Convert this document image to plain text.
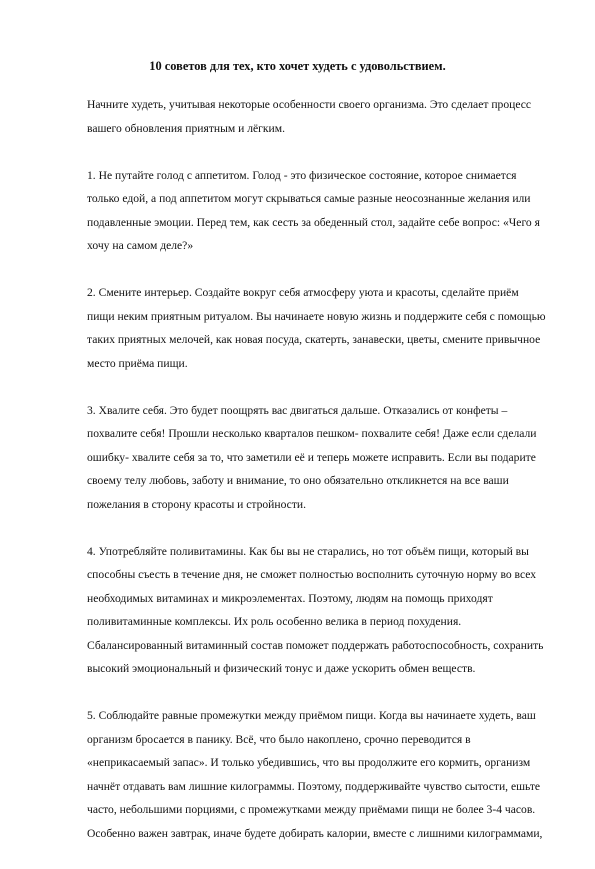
10 советов для тех, кто хочет худеть с удовольствием.
Начните худеть, учитывая некоторые особенности своего организма. Это сделает процесс
вашего обновления приятным и лёгким.
1. Не путайте голод с аппетитом. Голод - это физическое состояние, которое снимается
только едой, а под аппетитом могут скрываться самые разные неосознанные желания или
подавленные эмоции. Перед тем, как сесть за обеденный стол, задайте себе вопрос: «Чего я
хочу на самом деле?»
2. Смените интерьер. Создайте вокруг себя атмосферу уюта и красоты, сделайте приём
пищи неким приятным ритуалом. Вы начинаете новую жизнь и поддержите себя с помощью
таких приятных мелочей, как новая посуда, скатерть, занавески, цветы, смените привычное
место приёма пищи.
3. Хвалите себя. Это будет поощрять вас двигаться дальше. Отказались от конфеты –
похвалите себя! Прошли несколько кварталов пешком- похвалите себя! Даже если сделали
ошибку- хвалите себя за то, что заметили её и теперь можете исправить. Если вы подарите
своему телу любовь, заботу и внимание, то оно обязательно откликнется на все ваши
пожелания в сторону красоты и стройности.
4. Употребляйте поливитамины. Как бы вы не старались, но тот объём пищи, который вы
способны съесть в течение дня, не сможет полностью восполнить суточную норму во всех
необходимых витаминах и микроэлементах. Поэтому, людям на помощь приходят
поливитаминные комплексы. Их роль особенно велика в период похудения.
Сбалансированный витаминный состав поможет поддержать работоспособность, сохранить
высокий эмоциональный и физический тонус и даже ускорить обмен веществ.
5. Соблюдайте равные промежутки между приёмом пищи. Когда вы начинаете худеть, ваш
организм бросается в панику. Всё, что было накоплено, срочно переводится в
«неприкасаемый запас». И только убедившись, что вы продолжите его кормить, организм
начнёт отдавать вам лишние килограммы. Поэтому, поддерживайте чувство сытости, ешьте
часто, небольшими порциями, с промежутками между приёмами пищи не более 3-4 часов.
Особенно важен завтрак, иначе будете добирать калории, вместе с лишними килограммами,
